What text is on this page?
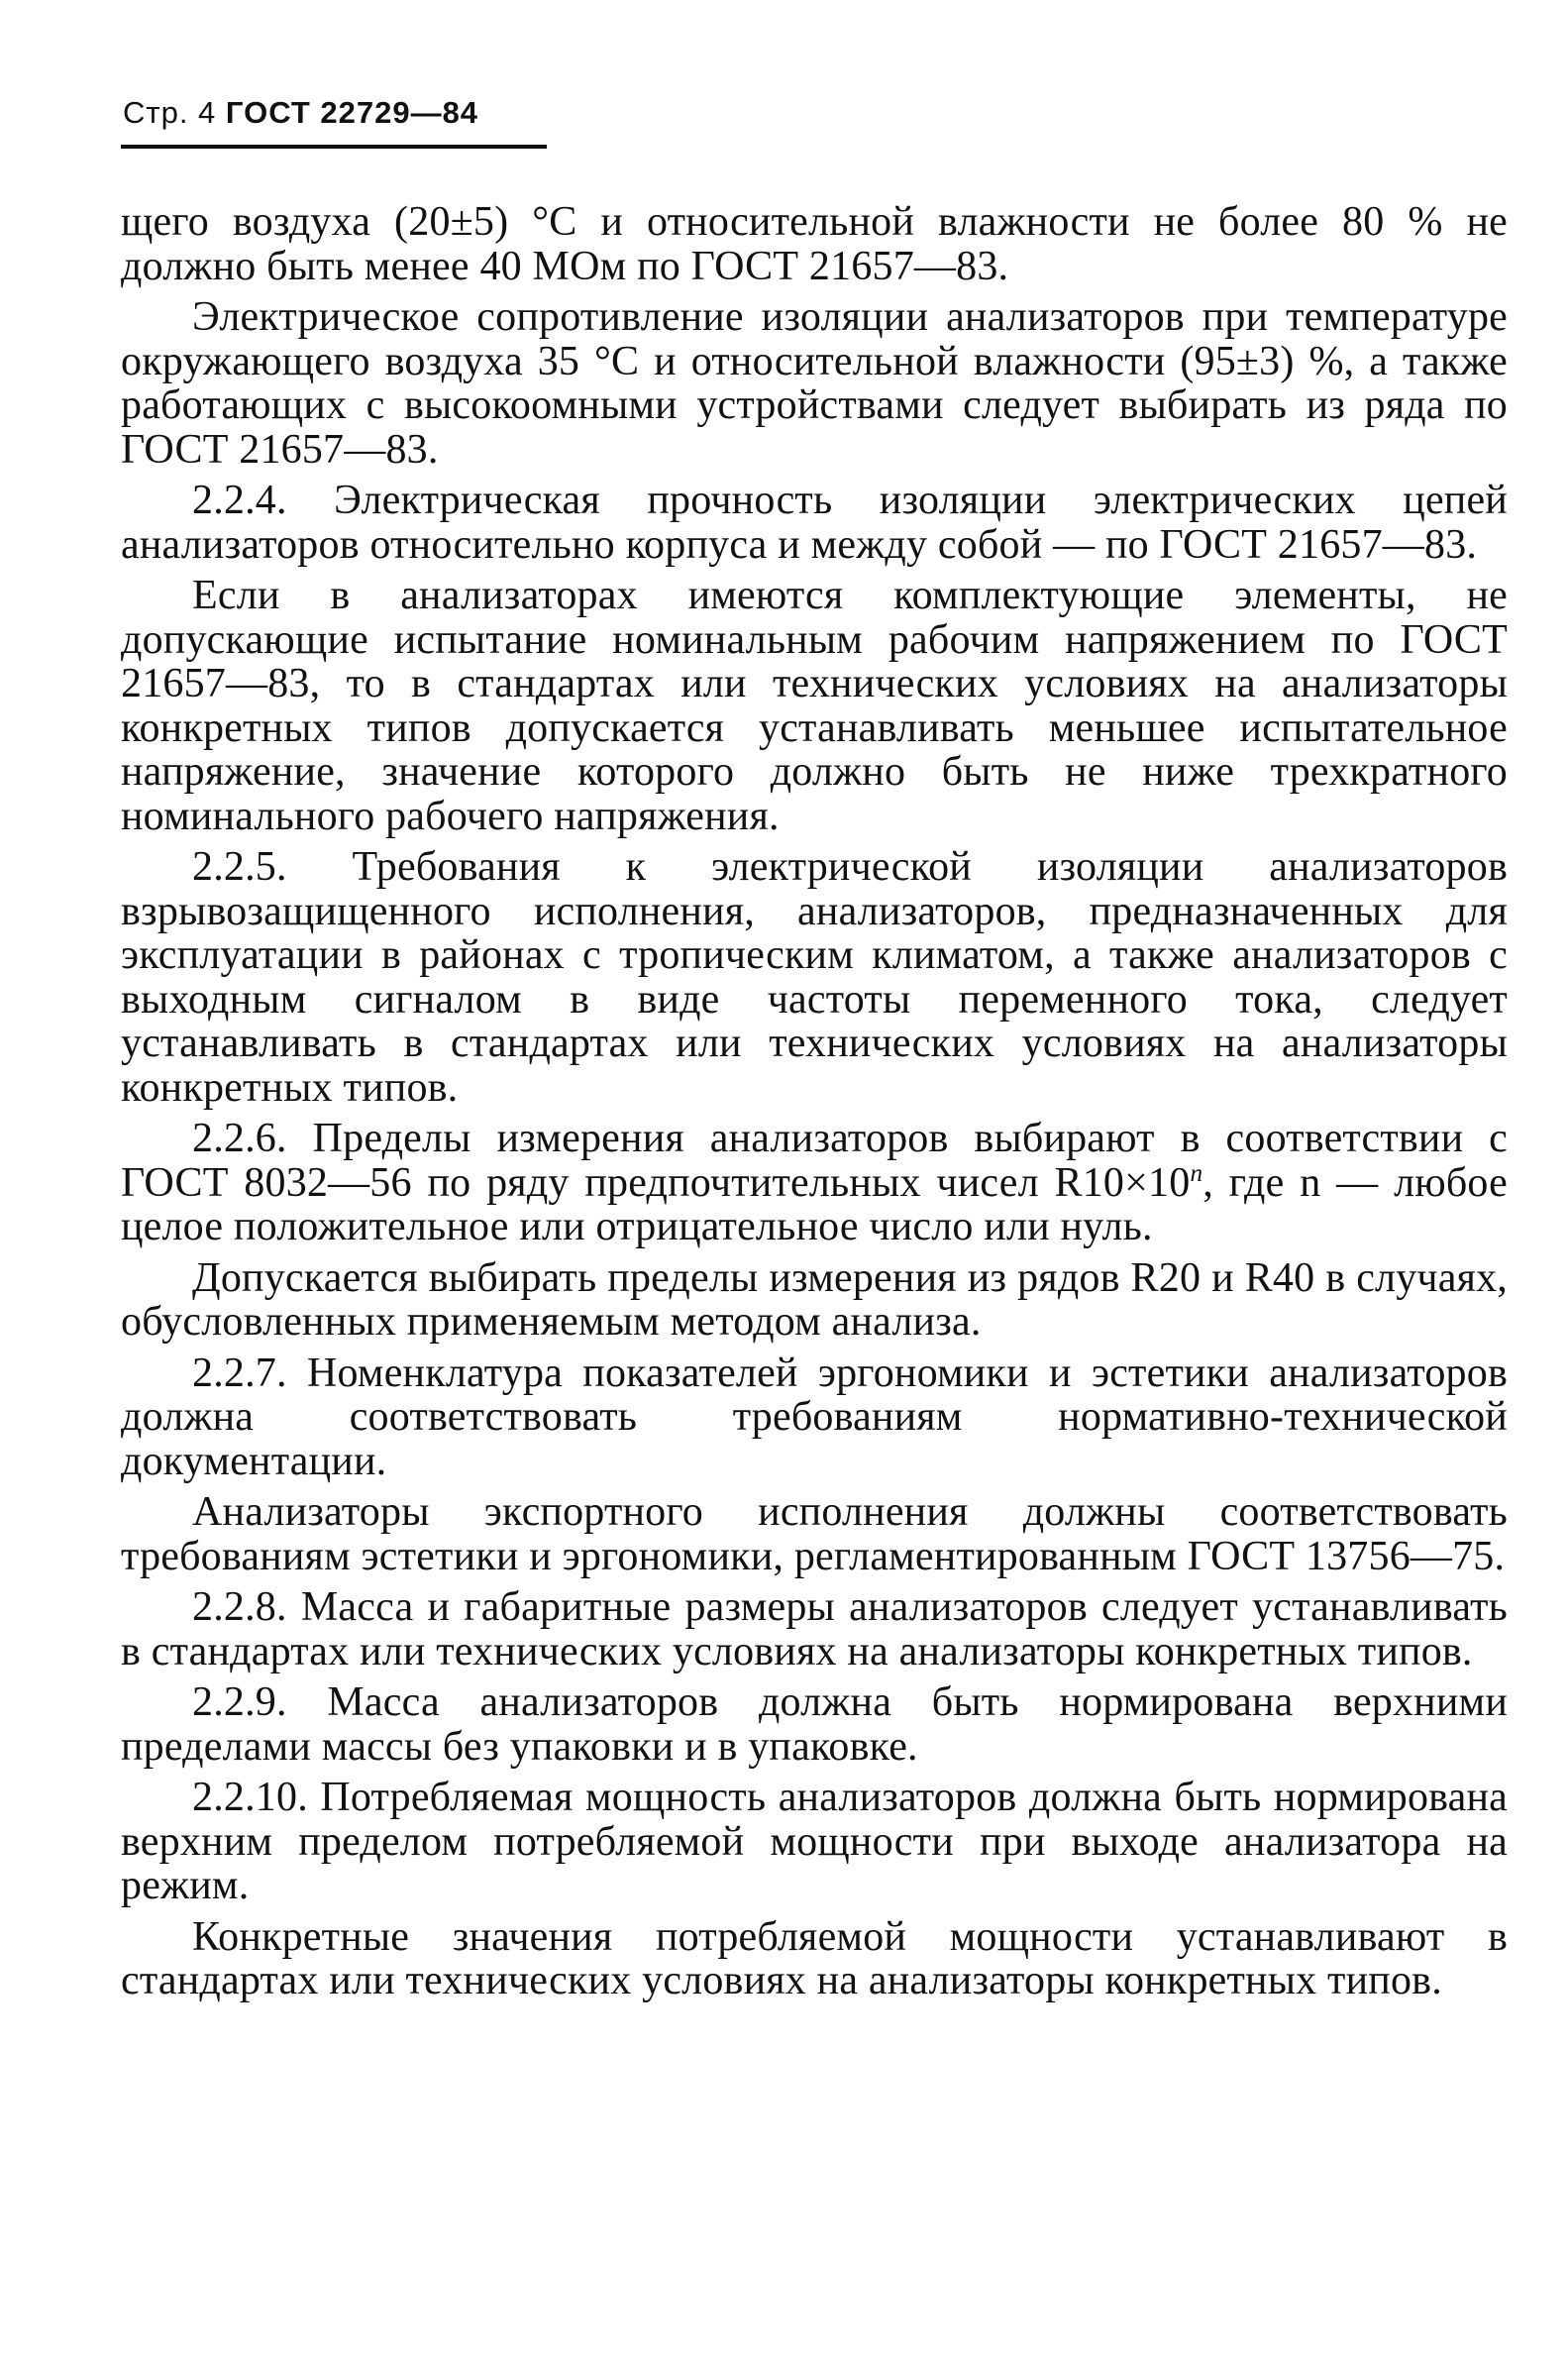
Стр. 4 ГОСТ 22729—84

щего воздуха (20±5) °С и относительной влажности не более 80 % не должно быть менее 40 МОм по ГОСТ 21657—83.

Электрическое сопротивление изоляции анализаторов при температуре окружающего воздуха 35 °С и относительной влажности (95±3) %, а также работающих с высокоомными устройствами следует выбирать из ряда по ГОСТ 21657—83.

2.2.4. Электрическая прочность изоляции электрических цепей анализаторов относительно корпуса и между собой — по ГОСТ 21657—83.

Если в анализаторах имеются комплектующие элементы, не допускающие испытание номинальным рабочим напряжением по ГОСТ 21657—83, то в стандартах или технических условиях на анализаторы конкретных типов допускается устанавливать меньшее испытательное напряжение, значение которого должно быть не ниже трехкратного номинального рабочего напряжения.

2.2.5. Требования к электрической изоляции анализаторов взрывозащищенного исполнения, анализаторов, предназначенных для эксплуатации в районах с тропическим климатом, а также анализаторов с выходным сигналом в виде частоты переменного тока, следует устанавливать в стандартах или технических условиях на анализаторы конкретных типов.

2.2.6. Пределы измерения анализаторов выбирают в соответствии с ГОСТ 8032—56 по ряду предпочтительных чисел $R10\times 10^n$, где n — любое целое положительное или отрицательное число или нуль.

Допускается выбирать пределы измерения из рядов R20 и R40 в случаях, обусловленных применяемым методом анализа.

2.2.7. Номенклатура показателей эргономики и эстетики анализаторов должна соответствовать требованиям нормативно-технической документации.

Анализаторы экспортного исполнения должны соответствовать требованиям эстетики и эргономики, регламентированным ГОСТ 13756—75.

2.2.8. Масса и габаритные размеры анализаторов следует устанавливать в стандартах или технических условиях на анализаторы конкретных типов.

2.2.9. Масса анализаторов должна быть нормирована верхними пределами массы без упаковки и в упаковке.

2.2.10. Потребляемая мощность анализаторов должна быть нормирована верхним пределом потребляемой мощности при выходе анализатора на режим.

Конкретные значения потребляемой мощности устанавливают в стандартах или технических условиях на анализаторы конкретных типов.
